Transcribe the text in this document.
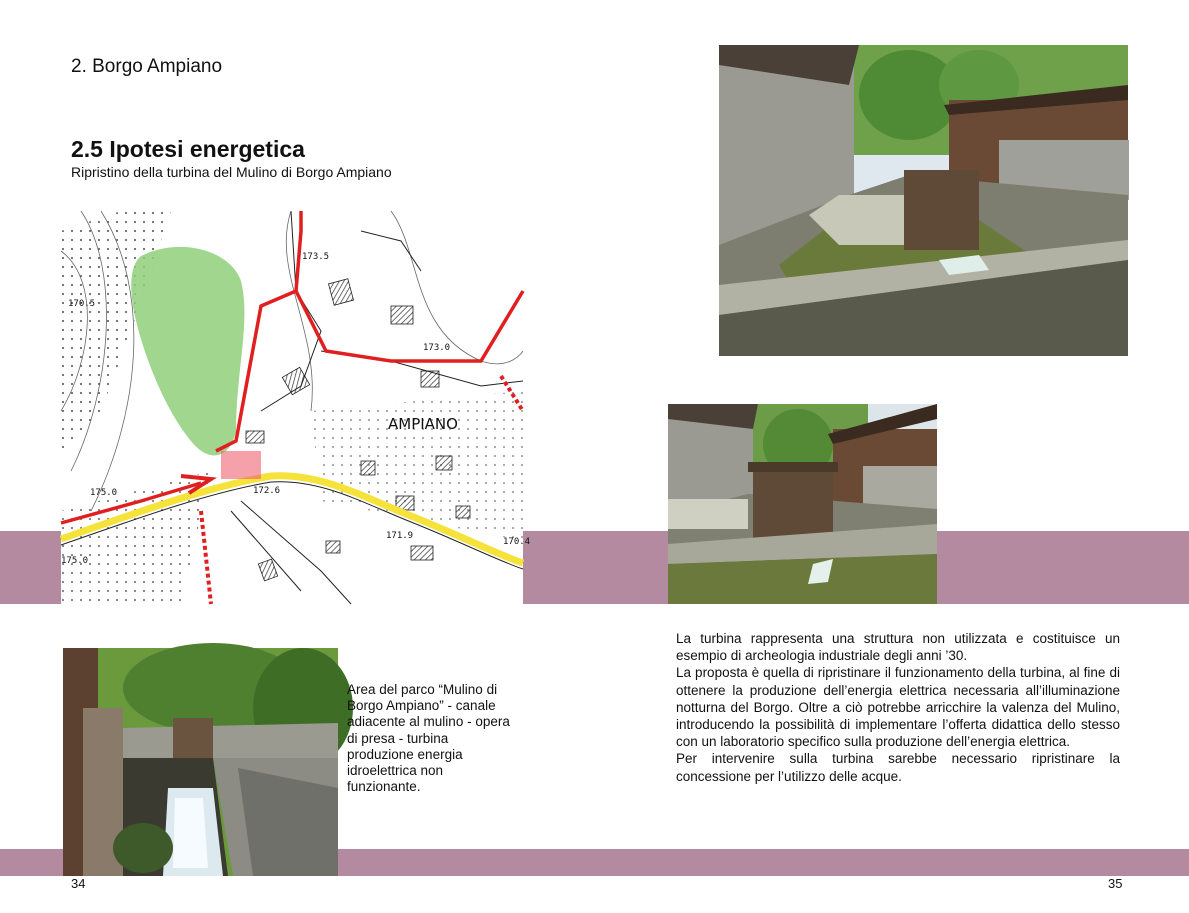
2. Borgo Ampiano
2.5 Ipotesi energetica
Ripristino della turbina del Mulino di Borgo Ampiano
AMPIANO
173.5
170.5
173.0
172.6
175.0
171.9
170.4
175.0
Area del parco “Mulino di Borgo Ampiano” - canale adiacente al mulino - opera di presa - turbina produzione energia idroelettrica non funzionante.

La turbina rappresenta una struttura non utilizzata e costituisce un esempio di archeologia industriale degli anni ’30.

La proposta è quella di ripristinare il funzionamento della turbina, al fine di ottenere la produzione dell’energia elettrica necessaria all’illuminazione notturna del Borgo. Oltre a ciò potrebbe arricchire la valenza del Mulino, introducendo la possibilità di implementare l’offerta didattica dello stesso con un laboratorio specifico sulla produzione dell’energia elettrica.

Per intervenire sulla turbina sarebbe necessario ripristinare la concessione per l’utilizzo delle acque.

34	35
